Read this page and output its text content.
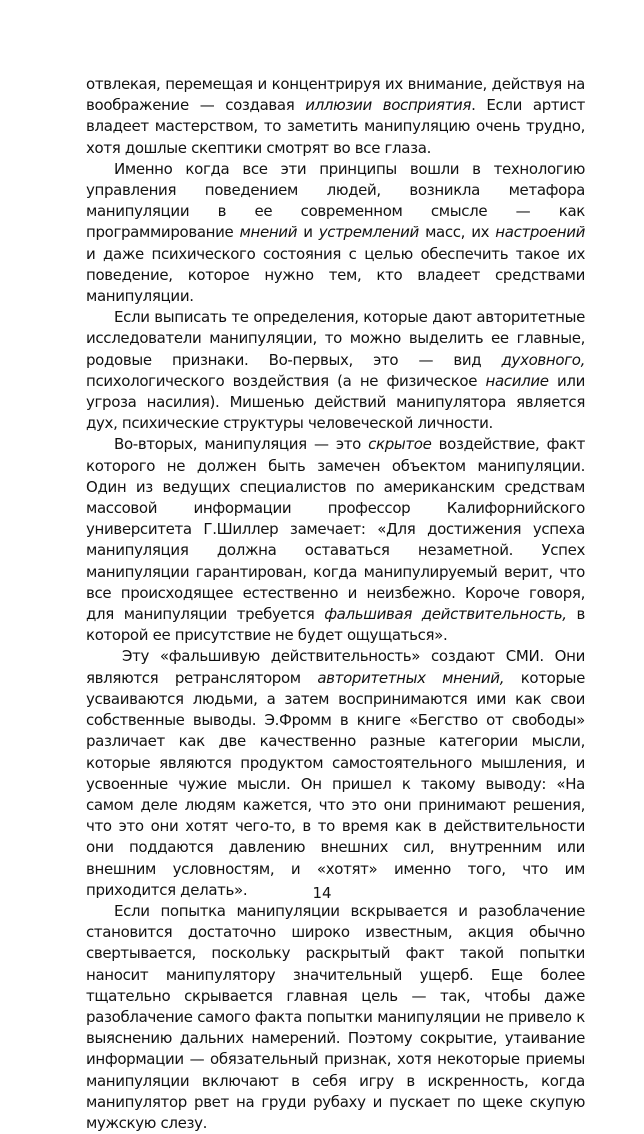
отвлекая, перемещая и концентрируя их внимание, действуя на воображение — создавая иллюзии восприятия. Если артист владеет мастерством, то заметить манипуляцию очень трудно, хотя дошлые скептики смотрят во все глаза.

Именно когда все эти принципы вошли в технологию управления поведением людей, возникла метафора манипуляции в ее современном смысле — как программирование мнений и устремлений масс, их настроений и даже психического состояния с целью обеспечить такое их поведение, которое нужно тем, кто владеет средствами манипуляции.

Если выписать те определения, которые дают авторитетные исследователи манипуляции, то можно выделить ее главные, родовые признаки. Во-первых, это — вид духовного, психологического воздействия (а не физическое насилие или угроза насилия). Мишенью действий манипулятора является дух, психические структуры человеческой личности.

Во-вторых, манипуляция — это скрытое воздействие, факт которого не должен быть замечен объектом манипуляции. Один из ведущих специалистов по американским средствам массовой информации профессор Калифорнийского университета Г.Шиллер замечает: «Для достижения успеха манипуляция должна оставаться незаметной. Успех манипуляции гарантирован, когда манипулируемый верит, что все происходящее естественно и неизбежно. Короче говоря, для манипуляции требуется фальшивая действительность, в которой ее присутствие не будет ощущаться».

Эту «фальшивую действительность» создают СМИ. Они являются ретранслятором авторитетных мнений, которые усваиваются людьми, а затем воспринимаются ими как свои собственные выводы. Э.Фромм в книге «Бегство от свободы» различает как две качественно разные категории мысли, которые являются продуктом самостоятельного мышления, и усвоенные чужие мысли. Он пришел к такому выводу: «На самом деле людям кажется, что это они принимают решения, что это они хотят чего-то, в то время как в действительности они поддаются давлению внешних сил, внутренним или внешним условностям, и «хотят» именно того, что им приходится делать».

Если попытка манипуляции вскрывается и разоблачение становится достаточно широко известным, акция обычно свертывается, поскольку раскрытый факт такой попытки наносит манипулятору значительный ущерб. Еще более тщательно скрывается главная цель — так, чтобы даже разоблачение самого факта попытки манипуляции не привело к выяснению дальних намерений. Поэтому сокрытие, утаивание информации — обязательный признак, хотя некоторые приемы манипуляции включают в себя игру в искренность, когда манипулятор рвет на груди рубаху и пускает по щеке скупую мужскую слезу.

14
